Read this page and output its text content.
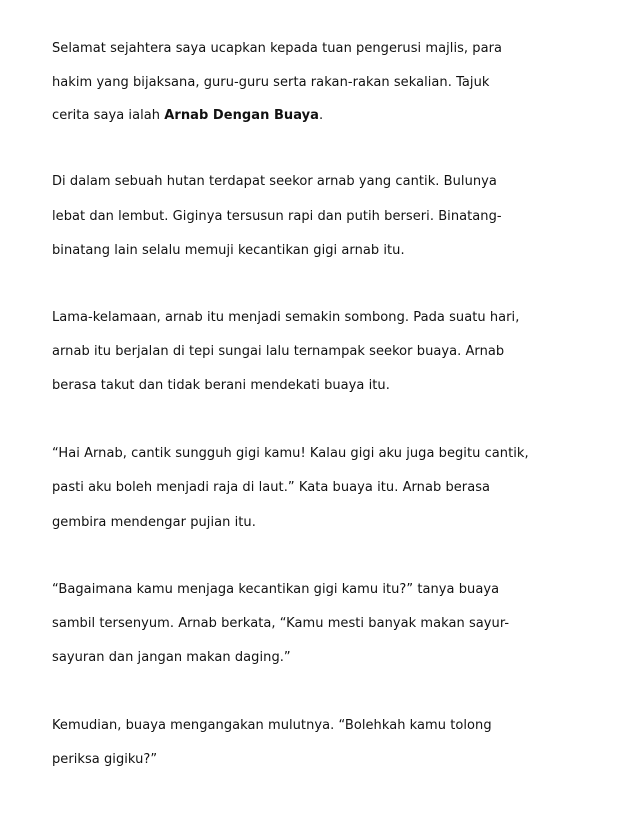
Selamat sejahtera saya ucapkan kepada tuan pengerusi majlis, para
hakim yang bijaksana, guru-guru serta rakan-rakan sekalian. Tajuk
cerita saya ialah Arnab Dengan Buaya.
Di dalam sebuah hutan terdapat seekor arnab yang cantik. Bulunya
lebat dan lembut. Giginya tersusun rapi dan putih berseri. Binatang-
binatang lain selalu memuji kecantikan gigi arnab itu.
Lama-kelamaan, arnab itu menjadi semakin sombong. Pada suatu hari,
arnab itu berjalan di tepi sungai lalu ternampak seekor buaya. Arnab
berasa takut dan tidak berani mendekati buaya itu.
“Hai Arnab, cantik sungguh gigi kamu! Kalau gigi aku juga begitu cantik,
pasti aku boleh menjadi raja di laut.” Kata buaya itu. Arnab berasa
gembira mendengar pujian itu.
“Bagaimana kamu menjaga kecantikan gigi kamu itu?” tanya buaya
sambil tersenyum. Arnab berkata, “Kamu mesti banyak makan sayur-
sayuran dan jangan makan daging.”
Kemudian, buaya mengangakan mulutnya. “Bolehkah kamu tolong
periksa gigiku?”
